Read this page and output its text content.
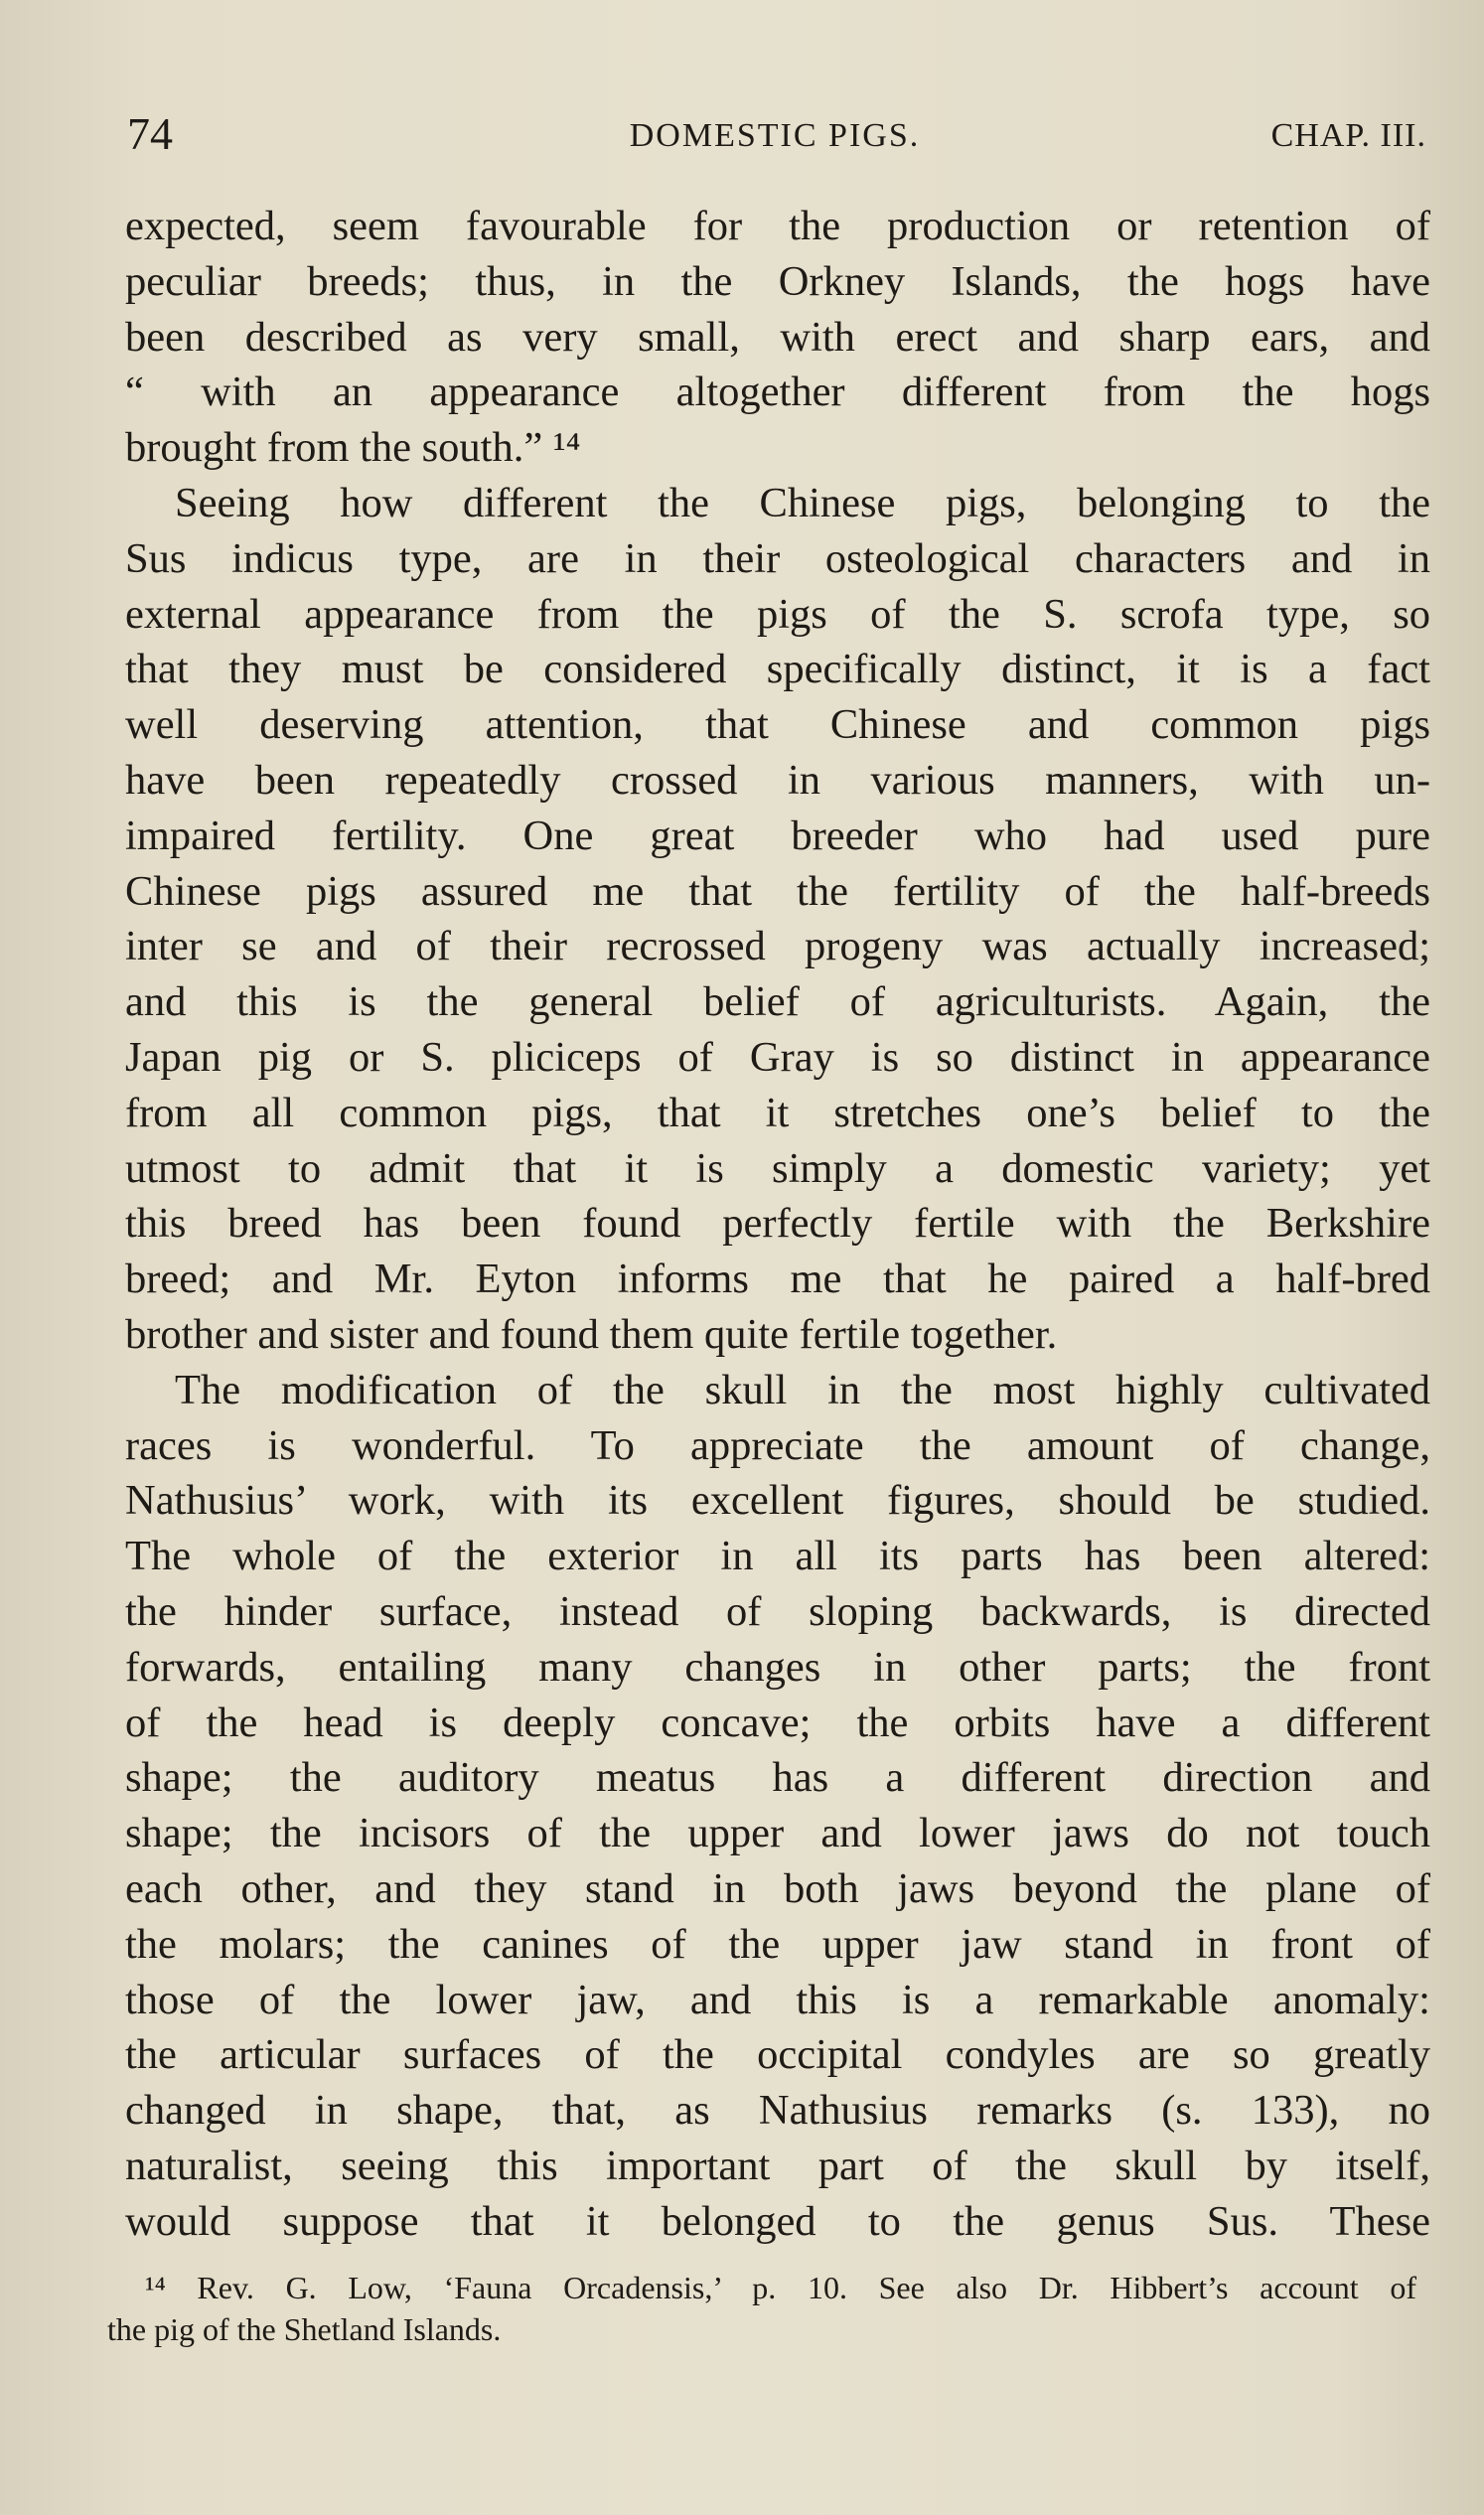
74	DOMESTIC PIGS.	CHAP. III.
expected, seem favourable for the production or retention of
peculiar breeds; thus, in the Orkney Islands, the hogs have
been described as very small, with erect and sharp ears, and
“ with an appearance altogether different from the hogs
brought from the south.” ¹⁴
Seeing how different the Chinese pigs, belonging to the
Sus indicus type, are in their osteological characters and in
external appearance from the pigs of the S. scrofa type, so
that they must be considered specifically distinct, it is a fact
well deserving attention, that Chinese and common pigs
have been repeatedly crossed in various manners, with un-
impaired fertility. One great breeder who had used pure
Chinese pigs assured me that the fertility of the half-breeds
inter se and of their recrossed progeny was actually increased;
and this is the general belief of agriculturists. Again, the
Japan pig or S. pliciceps of Gray is so distinct in appearance
from all common pigs, that it stretches one’s belief to the
utmost to admit that it is simply a domestic variety; yet
this breed has been found perfectly fertile with the Berkshire
breed; and Mr. Eyton informs me that he paired a half-bred
brother and sister and found them quite fertile together.
The modification of the skull in the most highly cultivated
races is wonderful. To appreciate the amount of change,
Nathusius’ work, with its excellent figures, should be studied.
The whole of the exterior in all its parts has been altered:
the hinder surface, instead of sloping backwards, is directed
forwards, entailing many changes in other parts; the front
of the head is deeply concave; the orbits have a different
shape; the auditory meatus has a different direction and
shape; the incisors of the upper and lower jaws do not touch
each other, and they stand in both jaws beyond the plane of
the molars; the canines of the upper jaw stand in front of
those of the lower jaw, and this is a remarkable anomaly:
the articular surfaces of the occipital condyles are so greatly
changed in shape, that, as Nathusius remarks (s. 133), no
naturalist, seeing this important part of the skull by itself,
would suppose that it belonged to the genus Sus. These
¹⁴ Rev. G. Low, ‘Fauna Orcadensis,’ p. 10. See also Dr. Hibbert’s account of
the pig of the Shetland Islands.
